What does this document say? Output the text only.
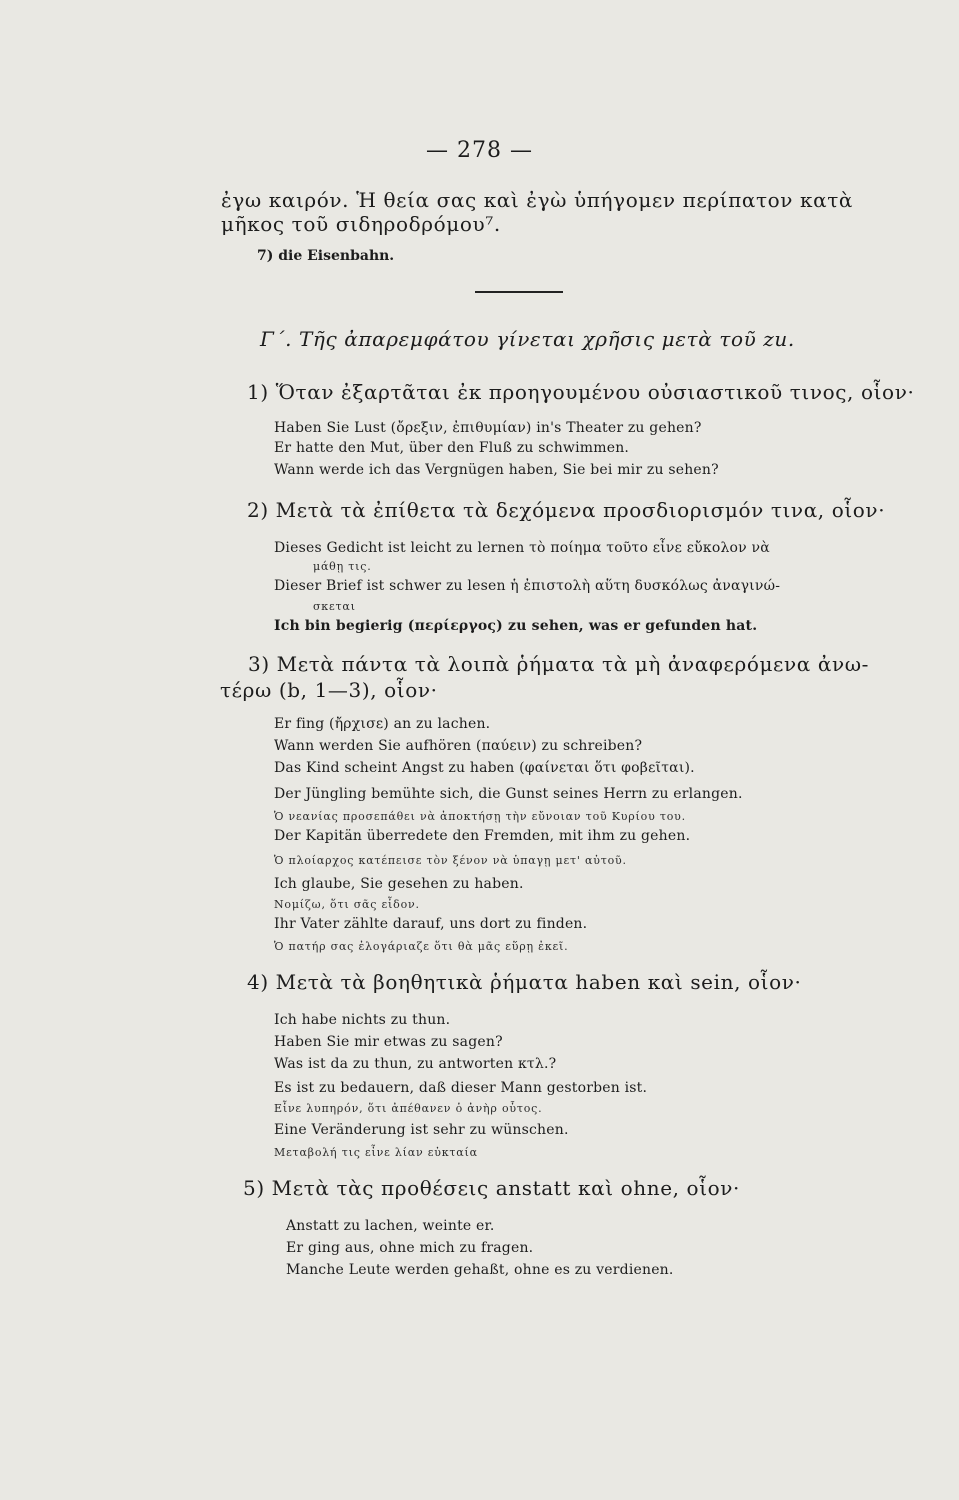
— 278 —
ἐγω καιρόν. Ἡ θεία σας καὶ ἐγὼ ὑπήγομεν περίπατον κατὰ
μῆκος τοῦ σιδηροδρόμου⁷.
7) die Eisenbahn.
Γ΄. Τῆς ἀπαρεμφάτου γίνεται χρῆσις μετὰ τοῦ zu.
1) Ὅταν ἐξαρτᾶται ἐκ προηγουμένου οὐσιαστικοῦ τινος, οἷον·
Haben Sie Lust (ὄρεξιν, ἐπιθυμίαν) in's Theater zu gehen?
Er hatte den Mut, über den Fluß zu schwimmen.
Wann werde ich das Vergnügen haben, Sie bei mir zu sehen?
2) Μετὰ τὰ ἐπίθετα τὰ δεχόμενα προσδιορισμόν τινα, οἷον·
Dieses Gedicht ist leicht zu lernen τὸ ποίημα τοῦτο εἶνε εὔκολον νὰ
μάθῃ τις.
Dieser Brief ist schwer zu lesen ἡ ἐπιστολὴ αὕτη δυσκόλως ἀναγινώ-
σκεται
Ich bin begierig (περίεργος) zu sehen, was er gefunden hat.
3) Μετὰ πάντα τὰ λοιπὰ ῥήματα τὰ μὴ ἀναφερόμενα ἀνω-
τέρω (b, 1—3), οἷον·
Er fing (ἤρχισε) an zu lachen.
Wann werden Sie aufhören (παύειν) zu schreiben?
Das Kind scheint Angst zu haben (φαίνεται ὅτι φοβεῖται).
Der Jüngling bemühte sich, die Gunst seines Herrn zu erlangen.
Ὁ νεανίας προσεπάθει νὰ ἀποκτήσῃ τὴν εὔνοιαν τοῦ Κυρίου του.
Der Kapitän überredete den Fremden, mit ihm zu gehen.
Ὁ πλοίαρχος κατέπεισε τὸν ξένον νὰ ὑπαγῃ μετ' αὐτοῦ.
Ich glaube, Sie gesehen zu haben.
Νομίζω, ὅτι σᾶς εἶδον.
Ihr Vater zählte darauf, uns dort zu finden.
Ὁ πατήρ σας ἐλογάριαζε ὅτι θὰ μᾶς εὕρῃ ἐκεῖ.
4) Μετὰ τὰ βοηθητικὰ ῥήματα haben καὶ sein, οἷον·
Ich habe nichts zu thun.
Haben Sie mir etwas zu sagen?
Was ist da zu thun, zu antworten κτλ.?
Es ist zu bedauern, daß dieser Mann gestorben ist.
Εἶνε λυπηρόν, ὅτι ἀπέθανεν ὁ ἀνὴρ οὗτος.
Eine Veränderung ist sehr zu wünschen.
Μεταβολή τις εἶνε λίαν εὐκταία
5) Μετὰ τὰς προθέσεις anstatt καὶ ohne, οἷον·
Anstatt zu lachen, weinte er.
Er ging aus, ohne mich zu fragen.
Manche Leute werden gehaßt, ohne es zu verdienen.
